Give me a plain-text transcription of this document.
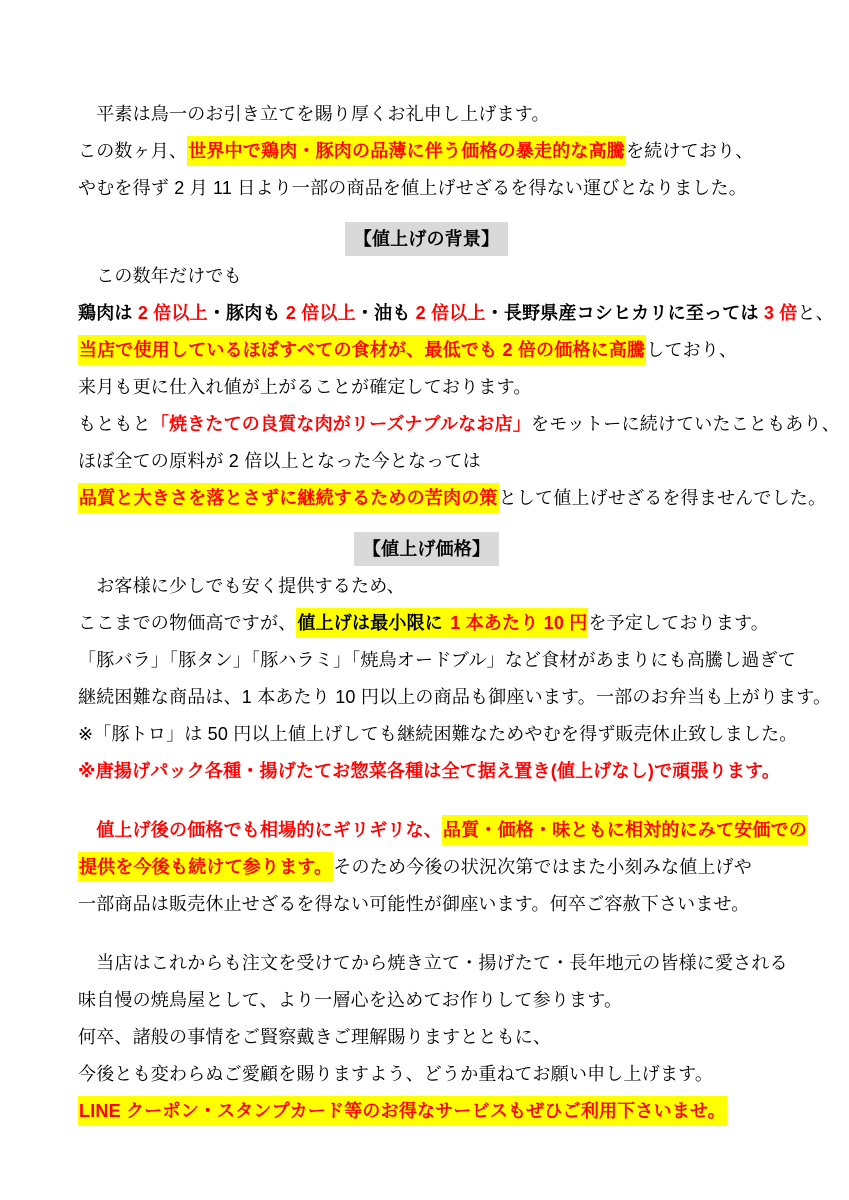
　平素は鳥一のお引き立てを賜り厚くお礼申し上げます。
この数ヶ月、世界中で鶏肉・豚肉の品薄に伴う価格の暴走的な高騰を続けており、
やむを得ず 2 月 11 日より一部の商品を値上げせざるを得ない運びとなりました。
【値上げの背景】
　この数年だけでも
鶏肉は 2 倍以上・豚肉も 2 倍以上・油も 2 倍以上・長野県産コシヒカリに至っては 3 倍と、
当店で使用しているほぼすべての食材が、最低でも 2 倍の価格に高騰しており、
来月も更に仕入れ値が上がることが確定しております。
もともと「焼きたての良質な肉がリーズナブルなお店」をモットーに続けていたこともあり、
ほぼ全ての原料が 2 倍以上となった今となっては
品質と大きさを落とさずに継続するための苦肉の策として値上げせざるを得ませんでした。
【値上げ価格】
　お客様に少しでも安く提供するため、
ここまでの物価高ですが、値上げは最小限に 1 本あたり 10 円を予定しております。
「豚バラ」「豚タン」「豚ハラミ」「焼鳥オードブル」など食材があまりにも高騰し過ぎて
継続困難な商品は、1 本あたり 10 円以上の商品も御座います。一部のお弁当も上がります。
※「豚トロ」は 50 円以上値上げしても継続困難なためやむを得ず販売休止致しました。
※唐揚げパック各種・揚げたてお惣菜各種は全て据え置き(値上げなし)で頑張ります。
　値上げ後の価格でも相場的にギリギリな、品質・価格・味ともに相対的にみて安価での
提供を今後も続けて参ります。そのため今後の状況次第ではまた小刻みな値上げや
一部商品は販売休止せざるを得ない可能性が御座います。何卒ご容赦下さいませ。
　当店はこれからも注文を受けてから焼き立て・揚げたて・長年地元の皆様に愛される
味自慢の焼鳥屋として、より一層心を込めてお作りして参ります。
何卒、諸般の事情をご賢察戴きご理解賜りますとともに、
今後とも変わらぬご愛顧を賜りますよう、どうか重ねてお願い申し上げます。
LINE クーポン・スタンプカード等のお得なサービスもぜひご利用下さいませ。
